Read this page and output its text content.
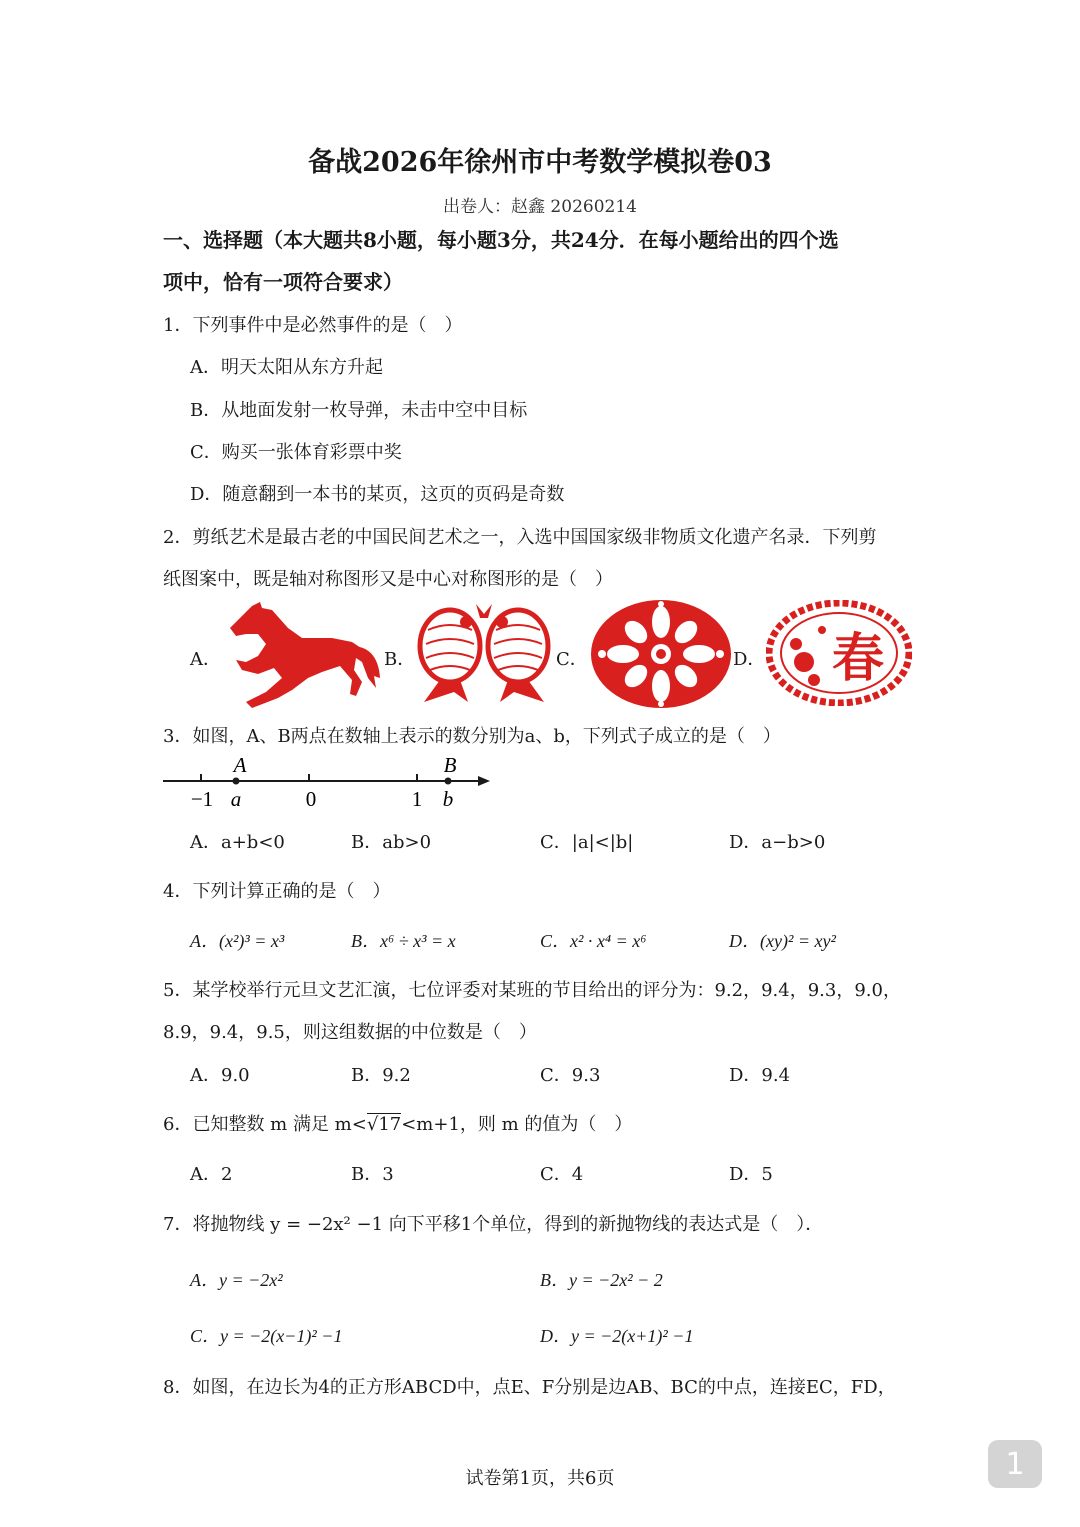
备战2026年徐州市中考数学模拟卷03
出卷人：赵鑫 20260214
一、选择题（本大题共8小题，每小题3分，共24分．在每小题给出的四个选
项中，恰有一项符合要求）
1．下列事件中是必然事件的是（　）
A．明天太阳从东方升起
B．从地面发射一枚导弹，未击中空中目标
C．购买一张体育彩票中奖
D．随意翻到一本书的某页，这页的页码是奇数
2．剪纸艺术是最古老的中国民间艺术之一，入选中国国家级非物质文化遗产名录．下列剪
纸图案中，既是轴对称图形又是中心对称图形的是（　）
A．	B．	C．	D． 春
3．如图，A、B两点在数轴上表示的数分别为a、b，下列式子成立的是（　）
A	B
−1 a	0	1 b
A．a+b<0	B．ab>0	C．|a|<|b|	D．a−b>0
4．下列计算正确的是（　）
A．(x²)³ = x³	B．x⁶ ÷ x³ = x	C．x² · x⁴ = x⁶	D．(xy)² = xy²
5．某学校举行元旦文艺汇演，七位评委对某班的节目给出的评分为：9.2，9.4，9.3，9.0，
8.9，9.4，9.5，则这组数据的中位数是（　）
A．9.0	B．9.2	C．9.3	D．9.4
6．已知整数 m 满足 m<√17<m+1，则 m 的值为（　）
A．2	B．3	C．4	D．5
7．将抛物线 y = −2x² −1 向下平移1个单位，得到的新抛物线的表达式是（　）．
A．y = −2x²	B．y = −2x² − 2
C．y = −2(x−1)² −1	D．y = −2(x+1)² −1
8．如图，在边长为4的正方形ABCD中，点E、F分别是边AB、BC的中点，连接EC，FD，
试卷第1页，共6页	1
